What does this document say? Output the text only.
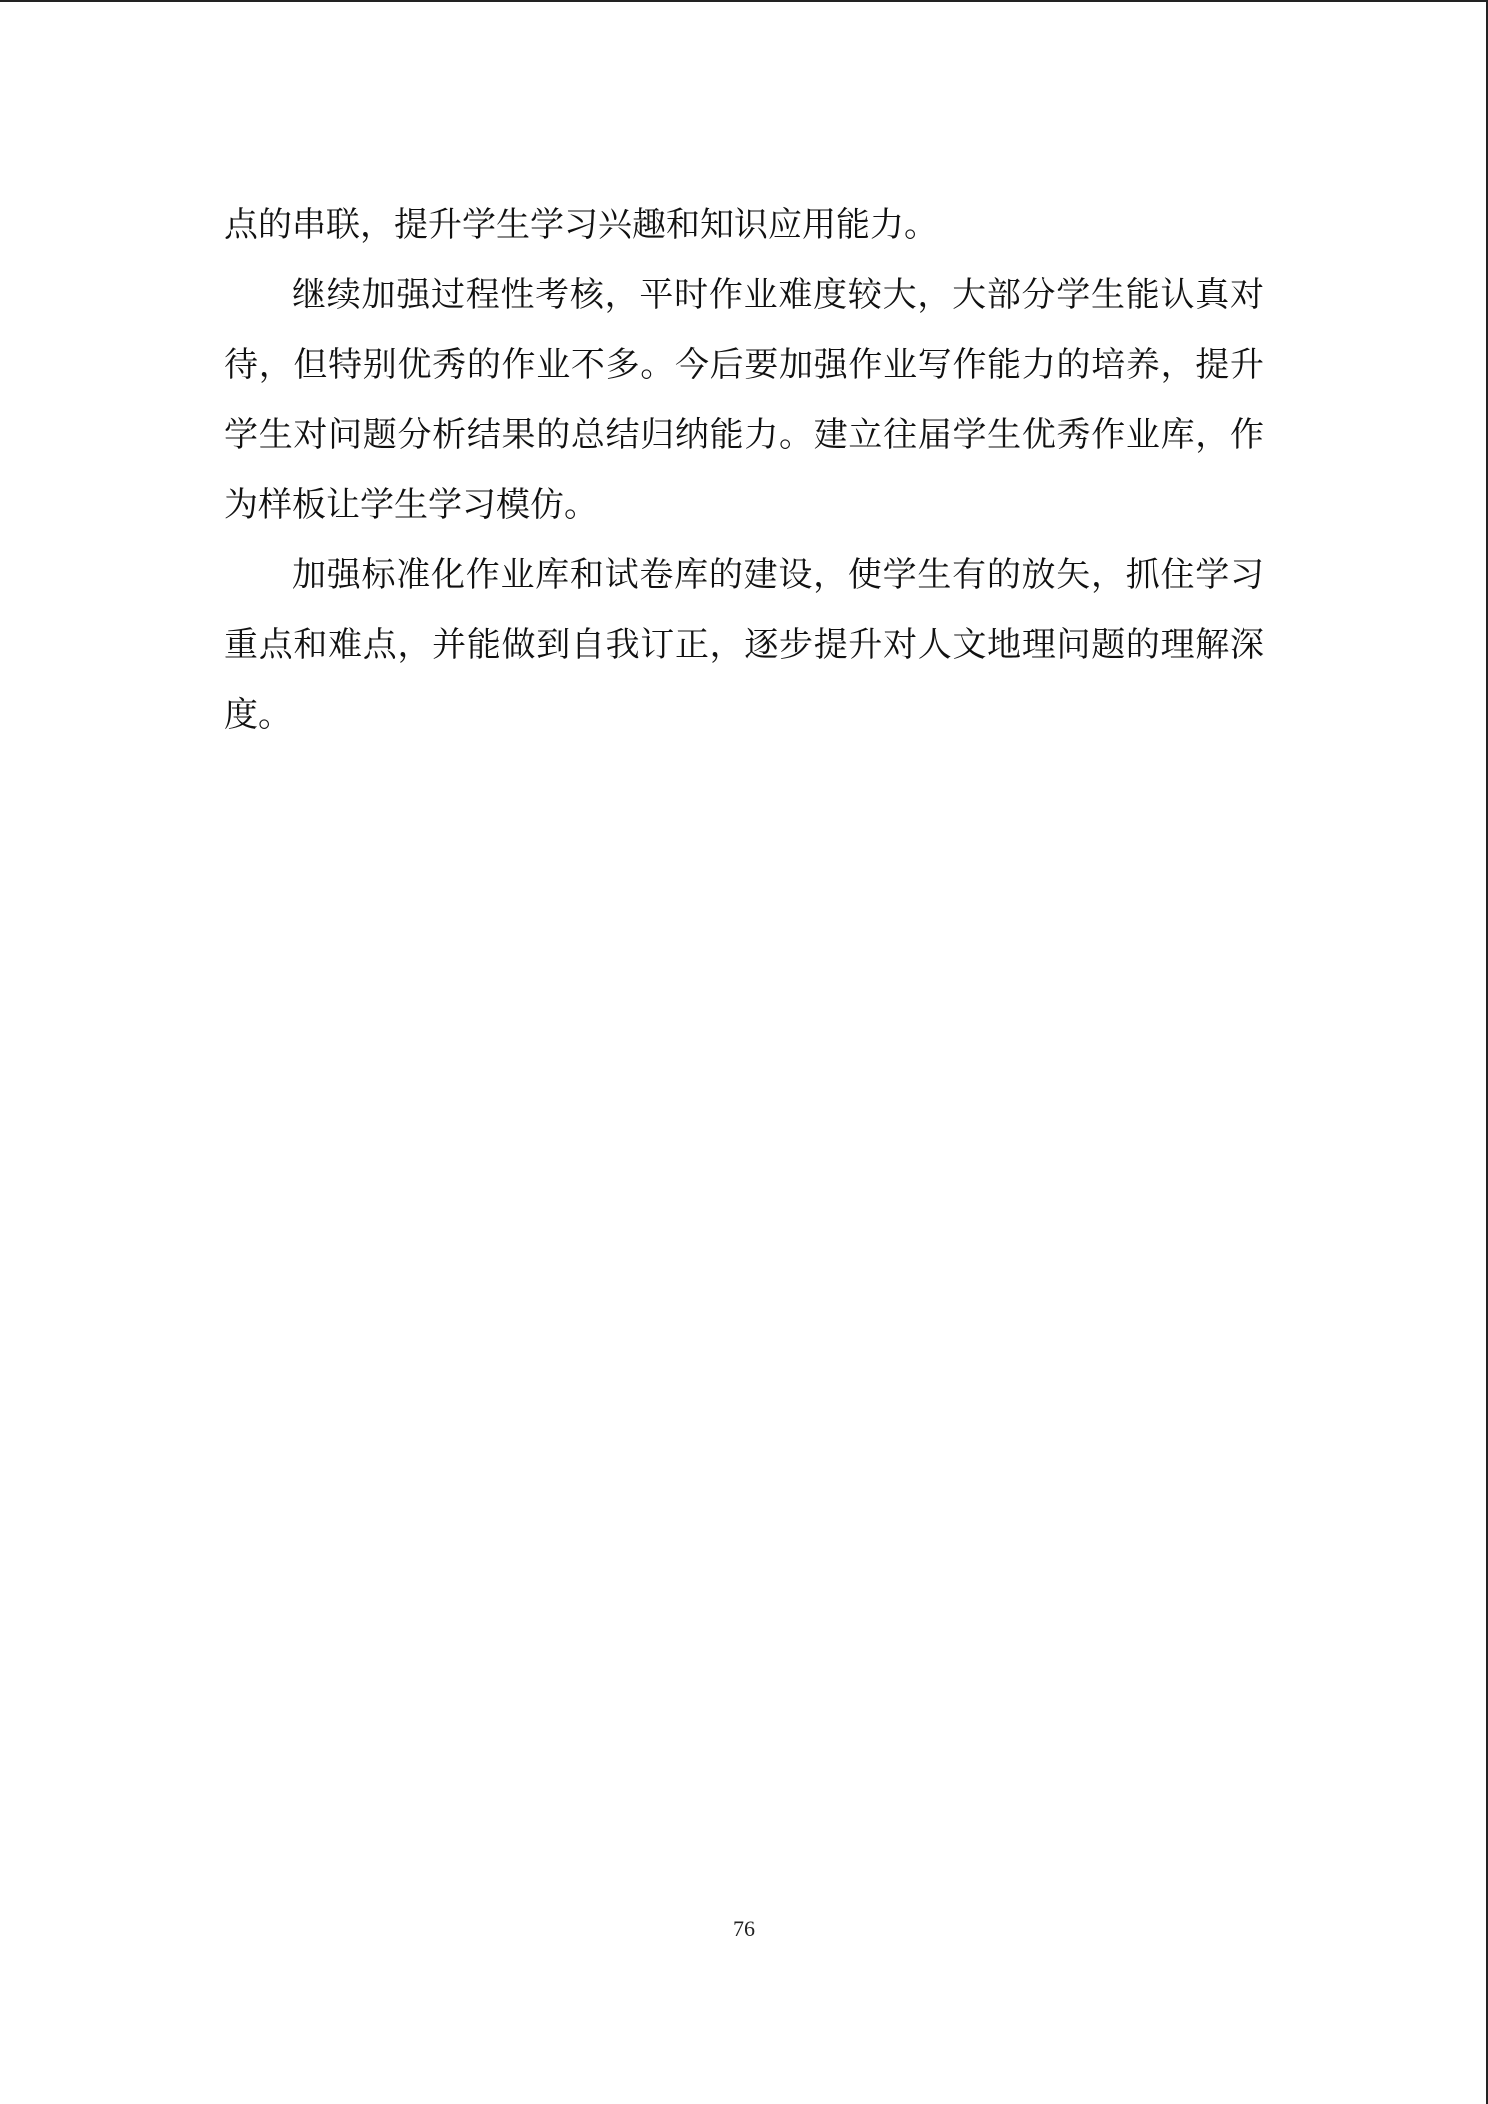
点的串联，提升学生学习兴趣和知识应用能力。

继续加强过程性考核，平时作业难度较大，大部分学生能认真对待，但特别优秀的作业不多。今后要加强作业写作能力的培养，提升学生对问题分析结果的总结归纳能力。建立往届学生优秀作业库，作为样板让学生学习模仿。

加强标准化作业库和试卷库的建设，使学生有的放矢，抓住学习重点和难点，并能做到自我订正，逐步提升对人文地理问题的理解深度。

76
